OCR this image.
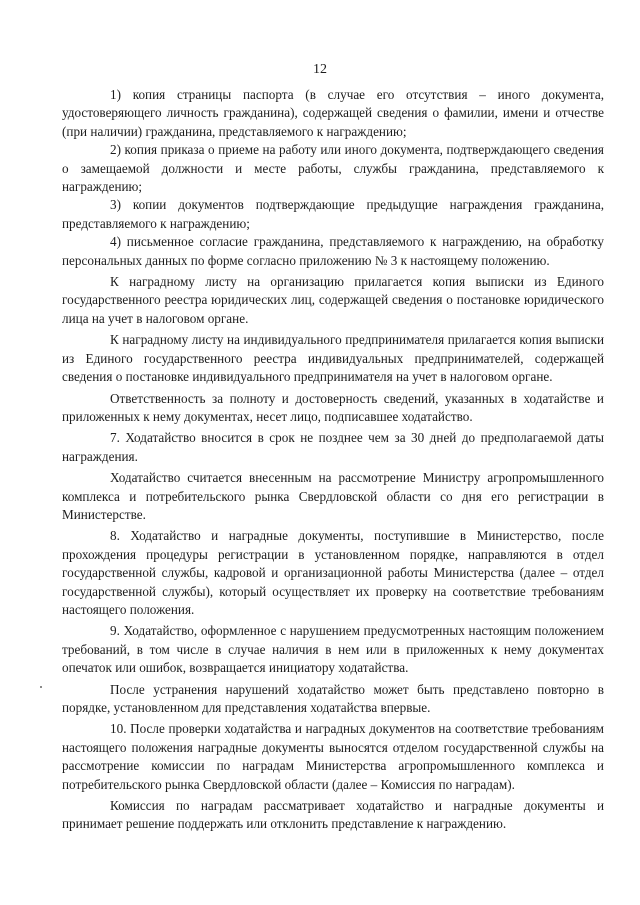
12

1) копия страницы паспорта (в случае его отсутствия – иного документа, удостоверяющего личность гражданина), содержащей сведения о фамилии, имени и отчестве (при наличии) гражданина, представляемого к награждению;

2) копия приказа о приеме на работу или иного документа, подтверждающего сведения о замещаемой должности и месте работы, службы гражданина, представляемого к награждению;

3) копии документов подтверждающие предыдущие награждения гражданина, представляемого к награждению;

4) письменное согласие гражданина, представляемого к награждению, на обработку персональных данных по форме согласно приложению № 3 к настоящему положению.

К наградному листу на организацию прилагается копия выписки из Единого государственного реестра юридических лиц, содержащей сведения о постановке юридического лица на учет в налоговом органе.

К наградному листу на индивидуального предпринимателя прилагается копия выписки из Единого государственного реестра индивидуальных предпринимателей, содержащей сведения о постановке индивидуального предпринимателя на учет в налоговом органе.

Ответственность за полноту и достоверность сведений, указанных в ходатайстве и приложенных к нему документах, несет лицо, подписавшее ходатайство.

7. Ходатайство вносится в срок не позднее чем за 30 дней до предполагаемой даты награждения.

Ходатайство считается внесенным на рассмотрение Министру агропромышленного комплекса и потребительского рынка Свердловской области со дня его регистрации в Министерстве.

8. Ходатайство и наградные документы, поступившие в Министерство, после прохождения процедуры регистрации в установленном порядке, направляются в отдел государственной службы, кадровой и организационной работы Министерства (далее – отдел государственной службы), который осуществляет их проверку на соответствие требованиям настоящего положения.

9. Ходатайство, оформленное с нарушением предусмотренных настоящим положением требований, в том числе в случае наличия в нем или в приложенных к нему документах опечаток или ошибок, возвращается инициатору ходатайства.

После устранения нарушений ходатайство может быть представлено повторно в порядке, установленном для представления ходатайства впервые.

10. После проверки ходатайства и наградных документов на соответствие требованиям настоящего положения наградные документы выносятся отделом государственной службы на рассмотрение комиссии по наградам Министерства агропромышленного комплекса и потребительского рынка Свердловской области (далее – Комиссия по наградам).

Комиссия по наградам рассматривает ходатайство и наградные документы и принимает решение поддержать или отклонить представление к награждению.
